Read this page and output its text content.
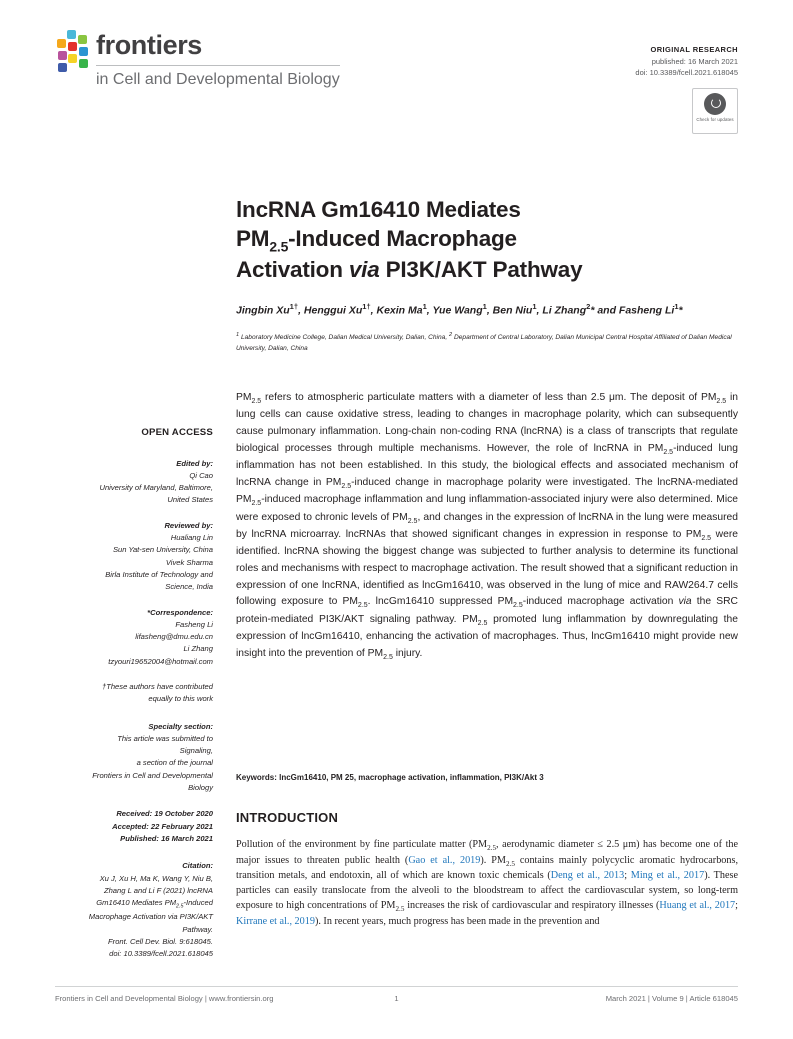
frontiers
in Cell and Developmental Biology
ORIGINAL RESEARCH
published: 16 March 2021
doi: 10.3389/fcell.2021.618045
Check for updates
lncRNA Gm16410 Mediates
$PM_{2.5}$-Induced Macrophage
Activation via PI3K/AKT Pathway
Jingbin $Xu^{1\dagger}$, Henggui $Xu^{1\dagger}$, Kexin Ma$^1$, Yue Wang$^1$, Ben Niu$^1$, Li Zhang$^2$* and Fasheng Li$^1$*
$^1$ Laboratory Medicine College, Dalian Medical University, Dalian, China, $^2$ Department of Central Laboratory, Dalian Municipal Central Hospital Affiliated of Dalian Medical University, Dalian, China
$PM_{2.5}$ refers to atmospheric particulate matters with a diameter of less than 2.5 μm. The deposit of $PM_{2.5}$ in lung cells can cause oxidative stress, leading to changes in macrophage polarity, which can subsequently cause pulmonary inflammation. Long-chain non-coding RNA (lncRNA) is a class of transcripts that regulate biological processes through multiple mechanisms. However, the role of lncRNA in $PM_{2.5}$-induced lung inflammation has not been established. In this study, the biological effects and associated mechanism of lncRNA change in $PM_{2.5}$-induced change in macrophage polarity were investigated. The lncRNA-mediated $PM_{2.5}$-induced macrophage inflammation and lung inflammation-associated injury were also determined. Mice were exposed to chronic levels of $PM_{2.5}$, and changes in the expression of lncRNA in the lung were measured by lncRNA microarray. lncRNAs that showed significant changes in expression in response to $PM_{2.5}$ were identified. lncRNA showing the biggest change was subjected to further analysis to determine its functional roles and mechanisms with respect to macrophage activation. The result showed that a significant reduction in expression of one lncRNA, identified as lncGm16410, was observed in the lung of mice and RAW264.7 cells following exposure to $PM_{2.5}$. lncGm16410 suppressed $PM_{2.5}$-induced macrophage activation via the SRC protein-mediated PI3K/AKT signaling pathway. $PM_{2.5}$ promoted lung inflammation by downregulating the expression of lncGm16410, enhancing the activation of macrophages. Thus, lncGm16410 might provide new insight into the prevention of $PM_{2.5}$ injury.
Keywords: lncGm16410, PM 25, macrophage activation, inflammation, PI3K/Akt 3
INTRODUCTION
Pollution of the environment by fine particulate matter ($PM_{2.5}$, aerodynamic diameter ≤ 2.5 μm) has become one of the major issues to threaten public health (Gao et al., 2019). $PM_{2.5}$ contains mainly polycyclic aromatic hydrocarbons, transition metals, and endotoxin, all of which are known toxic chemicals (Deng et al., 2013; Ming et al., 2017). These particles can easily translocate from the alveoli to the bloodstream to affect the cardiovascular system, so long-term exposure to high concentrations of $PM_{2.5}$ increases the risk of cardiovascular and respiratory illnesses (Huang et al., 2017; Kirrane et al., 2019). In recent years, much progress has been made in the prevention and
OPEN ACCESS
Edited by:
Qi Cao
University of Maryland, Baltimore,
United States
Reviewed by:
Hualiang Lin
Sun Yat-sen University, China
Vivek Sharma
Birla Institute of Technology and
Science, India
*Correspondence:
Fasheng Li
lifasheng@dmu.edu.cn
Li Zhang
tzyouri19652004@hotmail.com
†These authors have contributed
equally to this work
Specialty section:
This article was submitted to
Signaling,
a section of the journal
Frontiers in Cell and Developmental
Biology
Received: 19 October 2020
Accepted: 22 February 2021
Published: 16 March 2021
Citation:
Xu J, Xu H, Ma K, Wang Y, Niu B,
Zhang L and Li F (2021) lncRNA
Gm16410 Mediates $PM_{2.5}$-Induced
Macrophage Activation via PI3K/AKT
Pathway.
Front. Cell Dev. Biol. 9:618045.
doi: 10.3389/fcell.2021.618045
Frontiers in Cell and Developmental Biology | www.frontiersin.org	1	March 2021 | Volume 9 | Article 618045
